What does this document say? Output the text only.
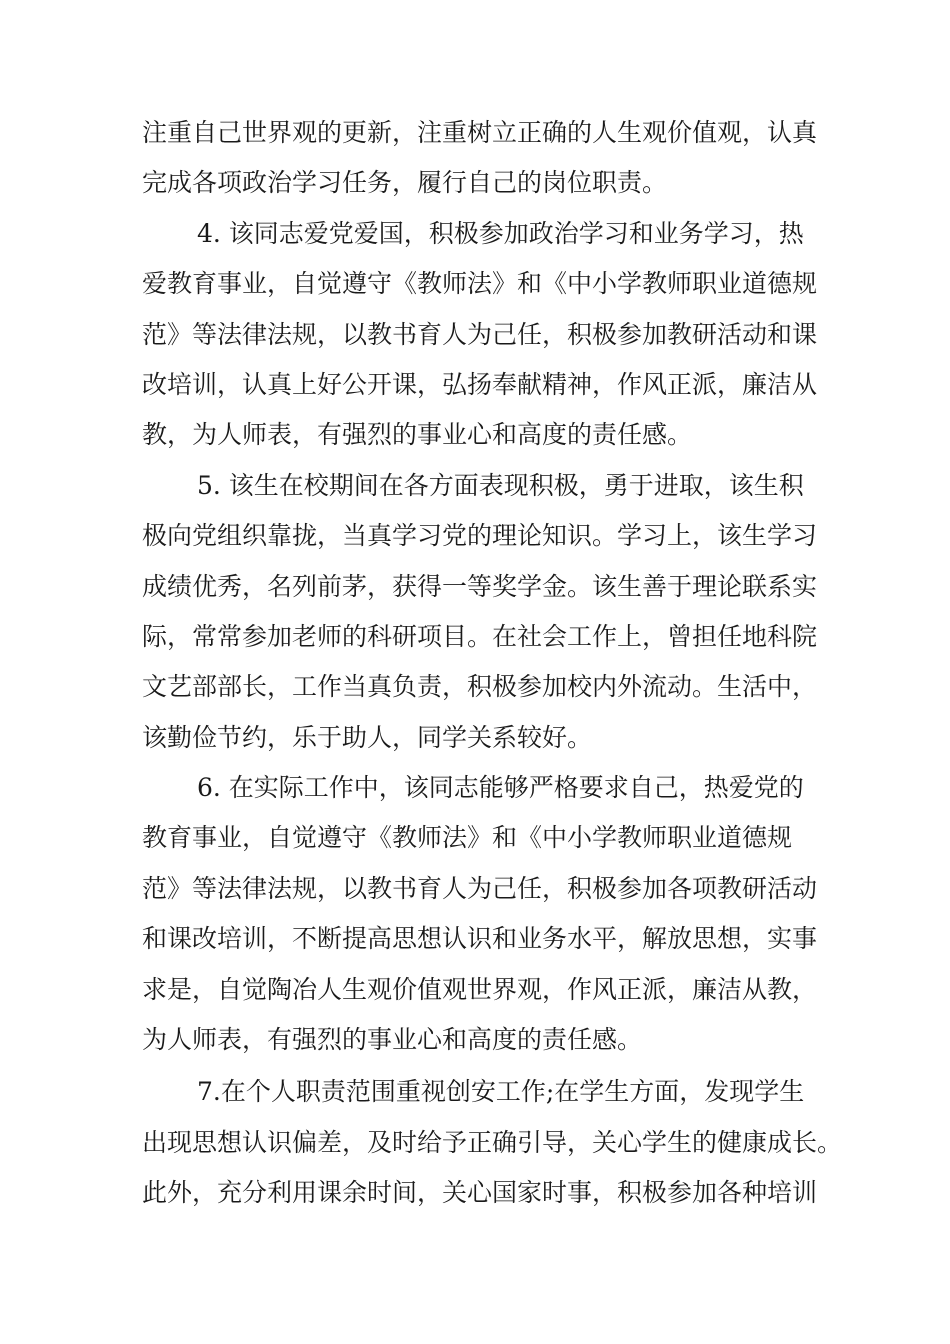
注重自己世界观的更新，注重树立正确的人生观价值观，认真
完成各项政治学习任务，履行自己的岗位职责。
4. 该同志爱党爱国，积极参加政治学习和业务学习，热
爱教育事业，自觉遵守《教师法》和《中小学教师职业道德规
范》等法律法规，以教书育人为己任，积极参加教研活动和课
改培训，认真上好公开课，弘扬奉献精神，作风正派，廉洁从
教，为人师表，有强烈的事业心和高度的责任感。
5. 该生在校期间在各方面表现积极，勇于进取，该生积
极向党组织靠拢，当真学习党的理论知识。学习上，该生学习
成绩优秀，名列前茅，获得一等奖学金。该生善于理论联系实
际，常常参加老师的科研项目。在社会工作上，曾担任地科院
文艺部部长，工作当真负责，积极参加校内外流动。生活中，
该勤俭节约，乐于助人，同学关系较好。
6. 在实际工作中，该同志能够严格要求自己，热爱党的
教育事业，自觉遵守《教师法》和《中小学教师职业道德规
范》等法律法规，以教书育人为己任，积极参加各项教研活动
和课改培训，不断提高思想认识和业务水平，解放思想，实事
求是，自觉陶冶人生观价值观世界观，作风正派，廉洁从教，
为人师表，有强烈的事业心和高度的责任感。
7.在个人职责范围重视创安工作;在学生方面，发现学生
出现思想认识偏差，及时给予正确引导，关心学生的健康成长。
此外，充分利用课余时间，关心国家时事，积极参加各种培训
